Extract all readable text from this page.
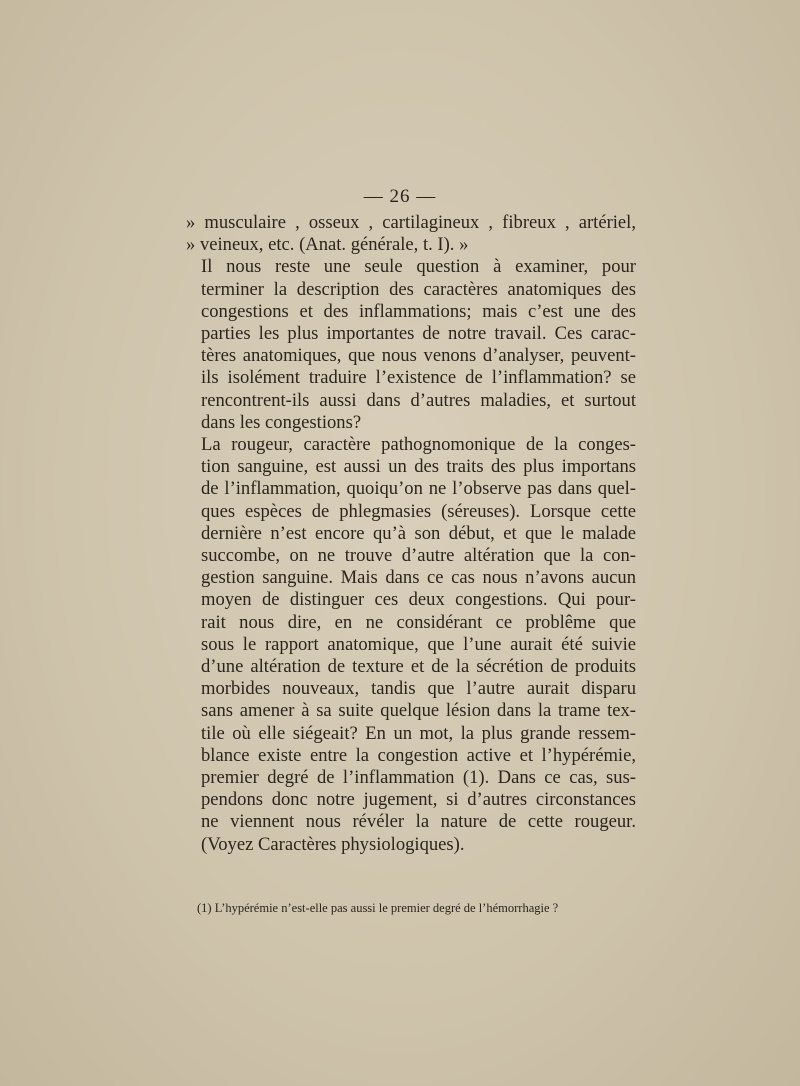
— 26 —

» musculaire , osseux , cartilagineux , fibreux , artériel,
» veineux, etc. (Anat. générale, t. I). »

Il nous reste une seule question à examiner, pour
terminer la description des caractères anatomiques des
congestions et des inflammations; mais c’est une des
parties les plus importantes de notre travail. Ces carac-
tères anatomiques, que nous venons d’analyser, peuvent-
ils isolément traduire l’existence de l’inflammation? se
rencontrent-ils aussi dans d’autres maladies, et surtout
dans les congestions?

La rougeur, caractère pathognomonique de la conges-
tion sanguine, est aussi un des traits des plus importans
de l’inflammation, quoiqu’on ne l’observe pas dans quel-
ques espèces de phlegmasies (séreuses). Lorsque cette
dernière n’est encore qu’à son début, et que le malade
succombe, on ne trouve d’autre altération que la con-
gestion sanguine. Mais dans ce cas nous n’avons aucun
moyen de distinguer ces deux congestions. Qui pour-
rait nous dire, en ne considérant ce problême que
sous le rapport anatomique, que l’une aurait été suivie
d’une altération de texture et de la sécrétion de produits
morbides nouveaux, tandis que l’autre aurait disparu
sans amener à sa suite quelque lésion dans la trame tex-
tile où elle siégeait? En un mot, la plus grande ressem-
blance existe entre la congestion active et l’hypérémie,
premier degré de l’inflammation (1). Dans ce cas, sus-
pendons donc notre jugement, si d’autres circonstances
ne viennent nous révéler la nature de cette rougeur.
(Voyez Caractères physiologiques).

(1) L’hypérémie n’est-elle pas aussi le premier degré de l’hémorrhagie ?
